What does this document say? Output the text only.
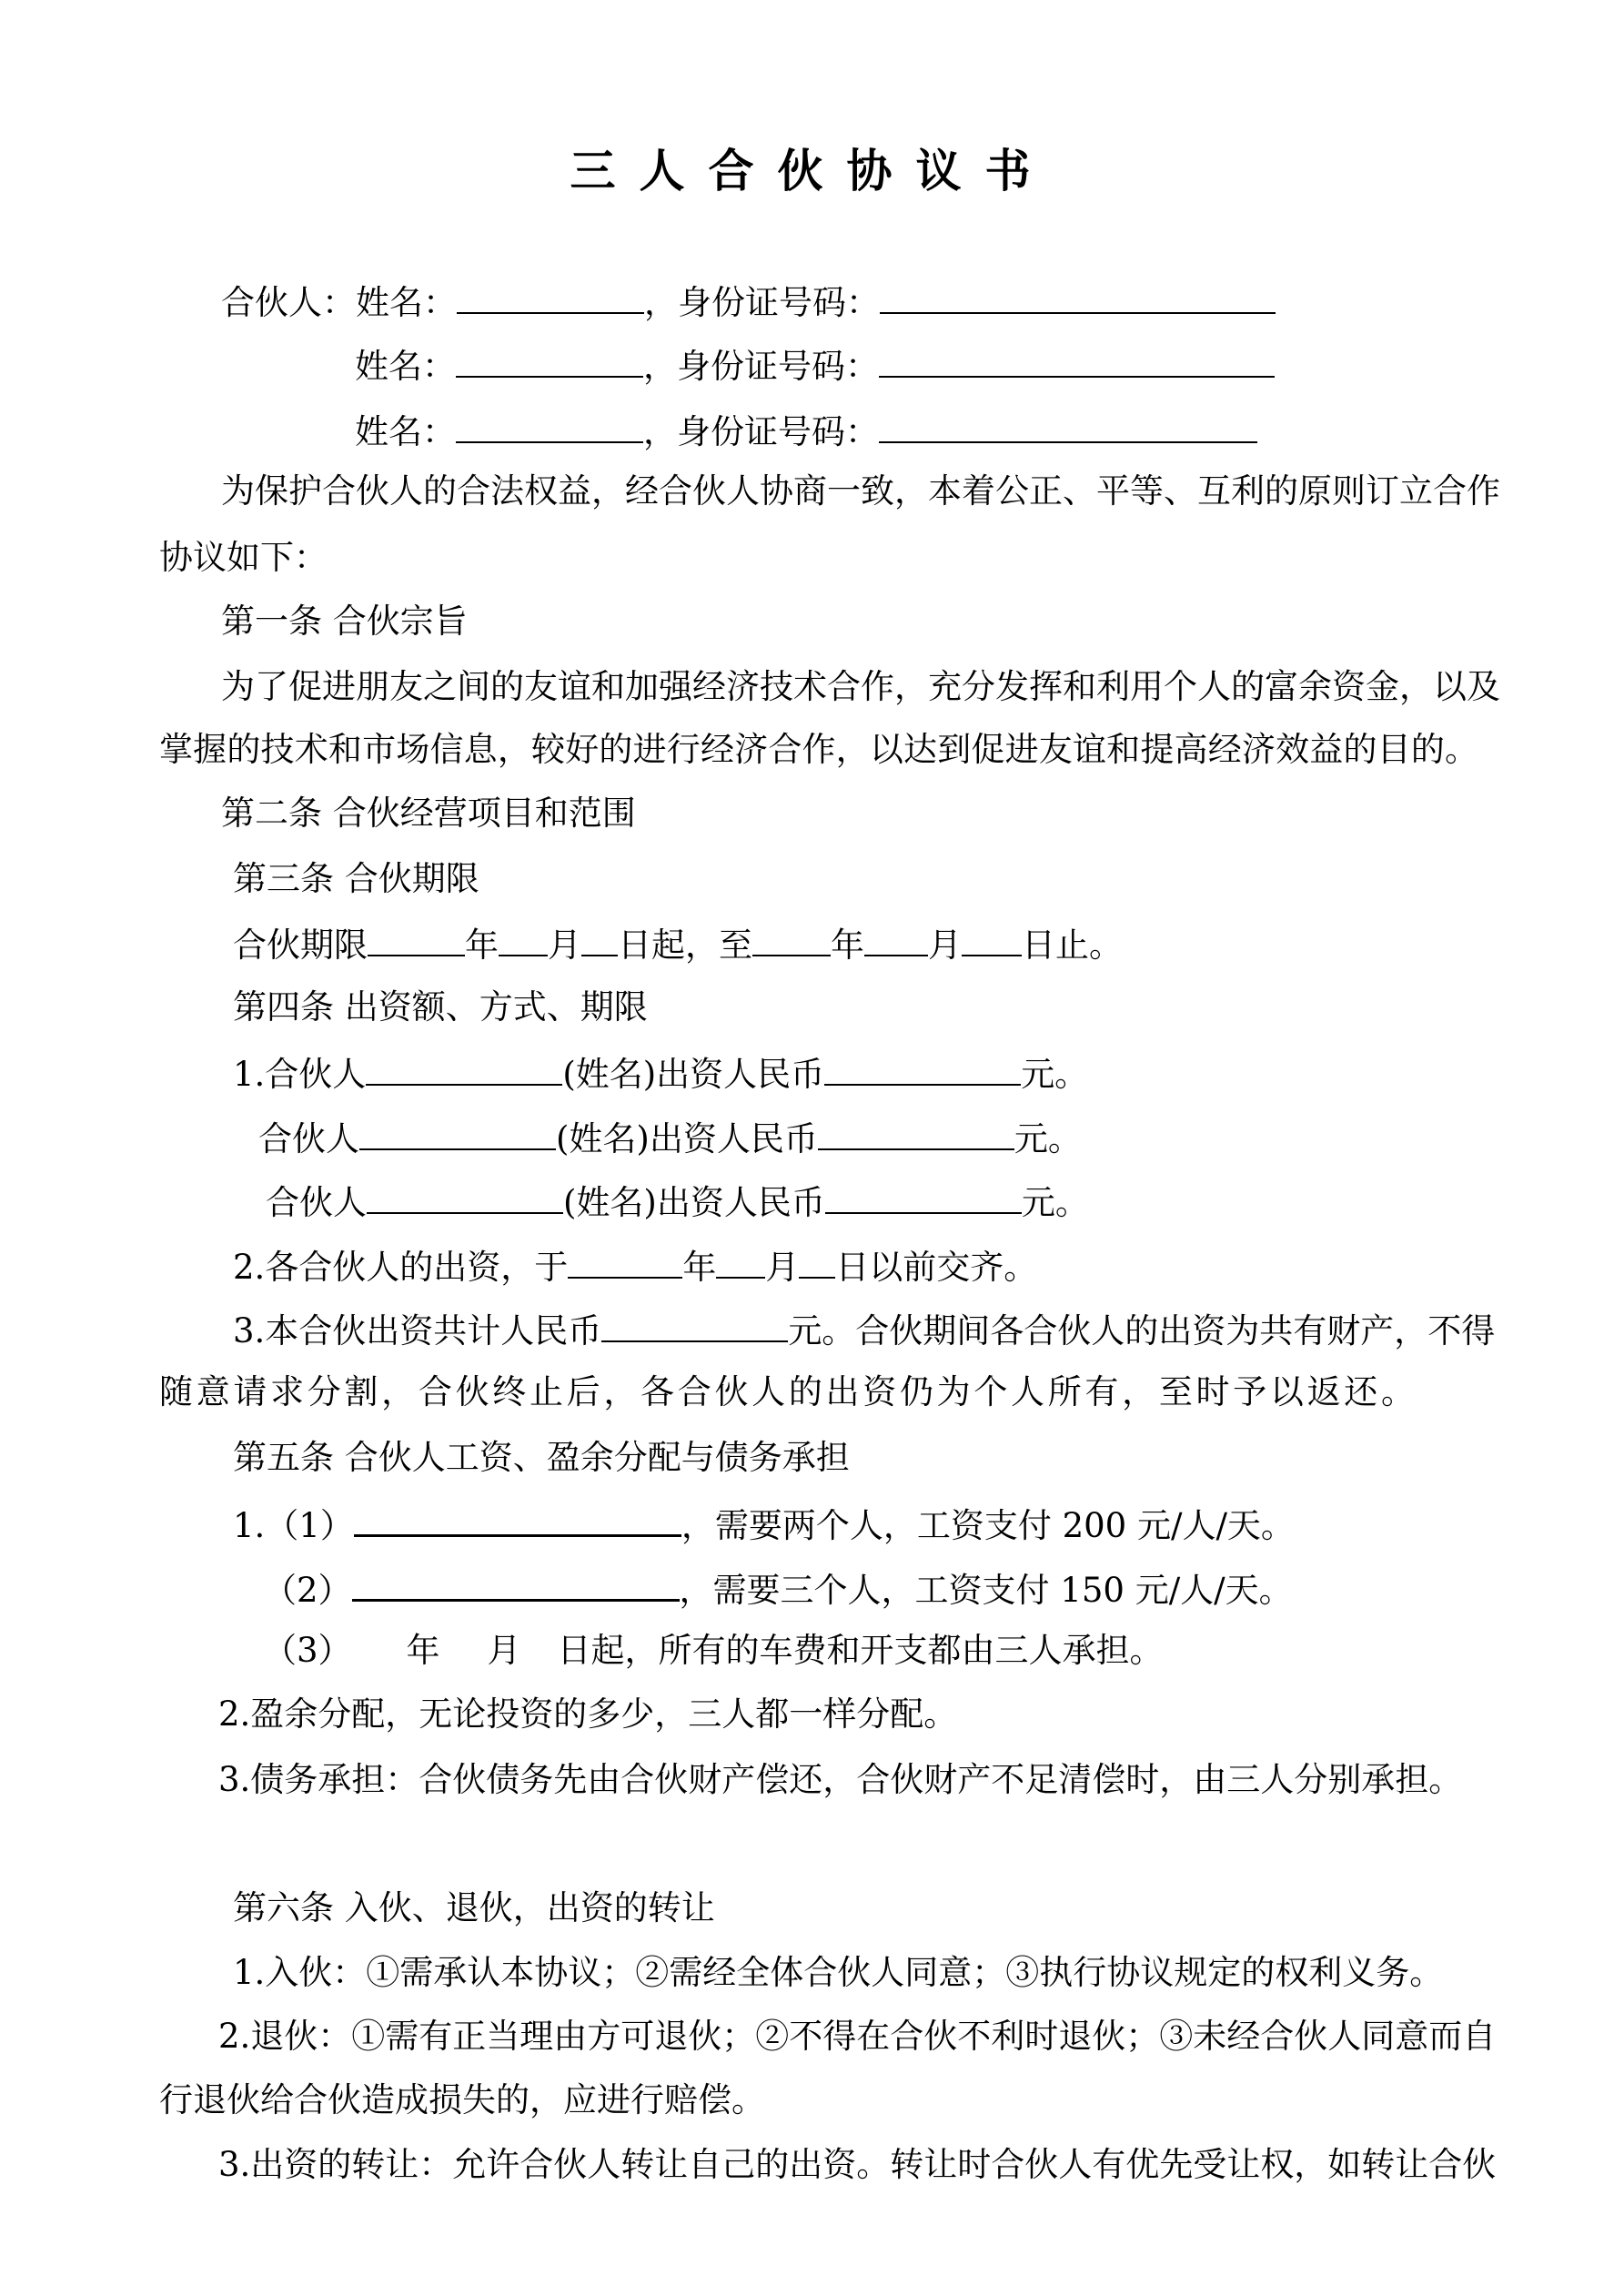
三人合伙协议书
合伙人：姓名：	，身份证号码：
姓名：	，身份证号码：
姓名：	，身份证号码：
为保护合伙人的合法权益，经合伙人协商一致，本着公正、平等、互利的原则订立合作
协议如下：
第一条 合伙宗旨
为了促进朋友之间的友谊和加强经济技术合作，充分发挥和利用个人的富余资金，以及
掌握的技术和市场信息，较好的进行经济合作，以达到促进友谊和提高经济效益的目的。
第二条 合伙经营项目和范围
第三条 合伙期限
合伙期限	年 月 日起，至 年 月 日止。
第四条 出资额、方式、期限
1.合伙人	(姓名)出资人民币	元。
合伙人	(姓名)出资人民币	元。
合伙人	(姓名)出资人民币	元。
2.各合伙人的出资，于	年 月 日以前交齐。
3.本合伙出资共计人民币	元。合伙期间各合伙人的出资为共有财产，不得
随意请求分割，合伙终止后，各合伙人的出资仍为个人所有，至时予以返还。
第五条 合伙人工资、盈余分配与债务承担
1.（1）	，需要两个人，工资支付 200 元/人/天。
（2）	，需要三个人，工资支付 150 元/人/天。
（3） 年 月 日起，所有的车费和开支都由三人承担。
2.盈余分配，无论投资的多少，三人都一样分配。
3.债务承担：合伙债务先由合伙财产偿还，合伙财产不足清偿时，由三人分别承担。
第六条 入伙、退伙，出资的转让
1.入伙：①需承认本协议；②需经全体合伙人同意；③执行协议规定的权利义务。
2.退伙：①需有正当理由方可退伙；②不得在合伙不利时退伙；③未经合伙人同意而自
行退伙给合伙造成损失的，应进行赔偿。
3.出资的转让：允许合伙人转让自己的出资。转让时合伙人有优先受让权，如转让合伙
